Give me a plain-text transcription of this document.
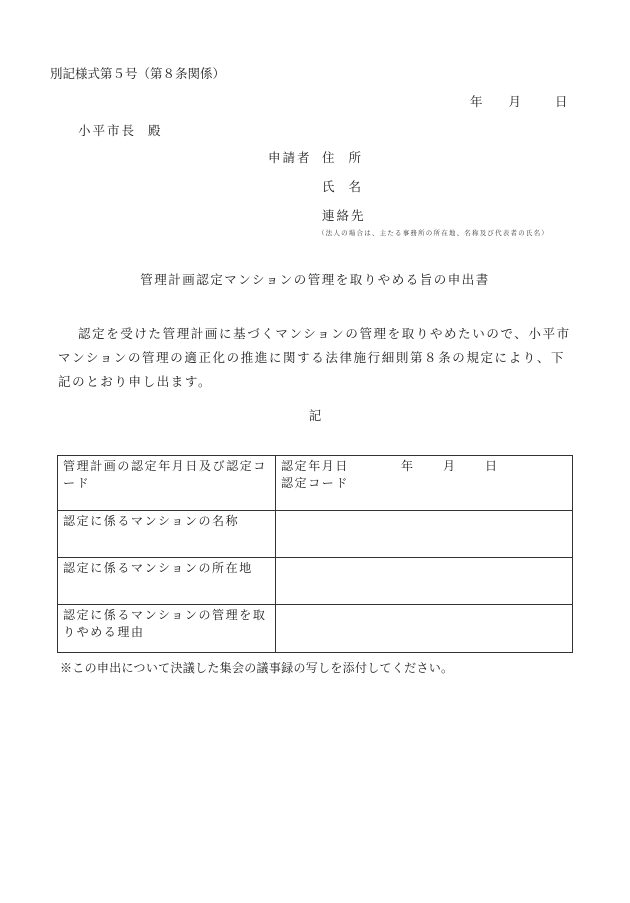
別記様式第５号（第８条関係）
年 月	日
小平市長 殿
申請者 住 所
氏 名
連絡先
（法人の場合は、主たる事務所の所在地、名称及び代表者の氏名）
管理計画認定マンションの管理を取りやめる旨の申出書
認定を受けた管理計画に基づくマンションの管理を取りやめたいので、小平市マンションの管理の適正化の推進に関する法律施行細則第８条の規定により、下記のとおり申し出ます。
記
管理計画の認定年月日及び認定コード	認定年月日 年 月 日
認定コード

認定に係るマンションの名称	
認定に係るマンションの所在地	
認定に係るマンションの管理を取りやめる理由	
※この申出について決議した集会の議事録の写しを添付してください。
